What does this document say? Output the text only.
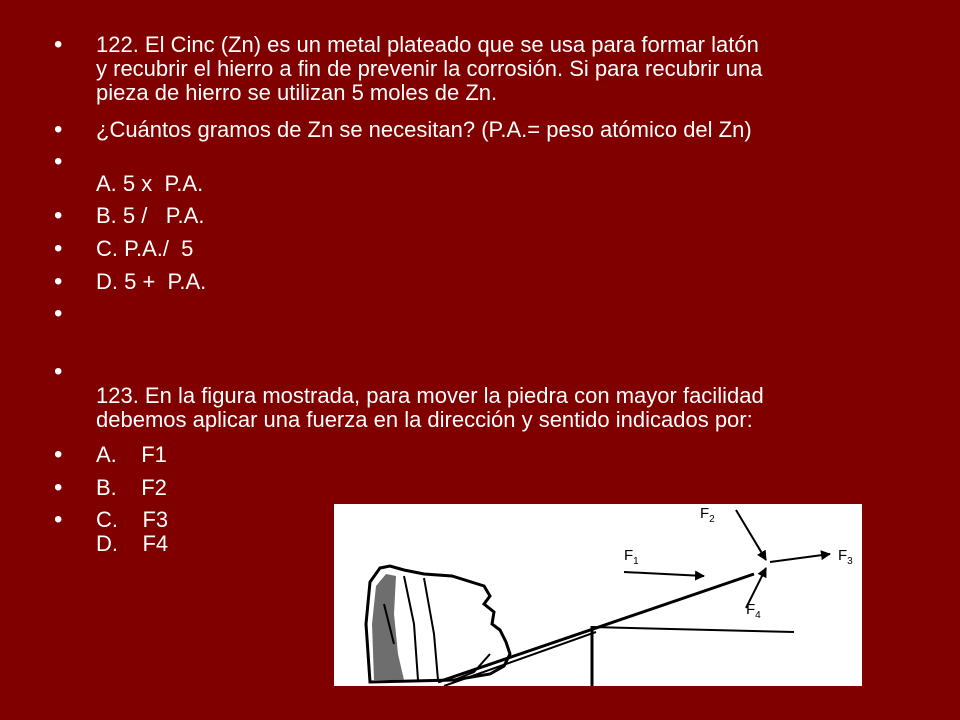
• 122. El Cinc (Zn) es un metal plateado que se usa para formar latón
y recubrir el hierro a fin de prevenir la corrosión. Si para recubrir una
pieza de hierro se utilizan 5 moles de Zn.
• ¿Cuántos gramos de Zn se necesitan? (P.A.= peso atómico del Zn)
•
A. 5 x  P.A.
• B. 5 /   P.A.
• C. P.A./  5
• D. 5 +  P.A.
•
•
123. En la figura mostrada, para mover la piedra con mayor facilidad
debemos aplicar una fuerza en la dirección y sentido indicados por:
• A.    F1
• B.    F2
• C.    F3
D.    F4	$F_1$
$F_2$
$F_3$
$F_4$
